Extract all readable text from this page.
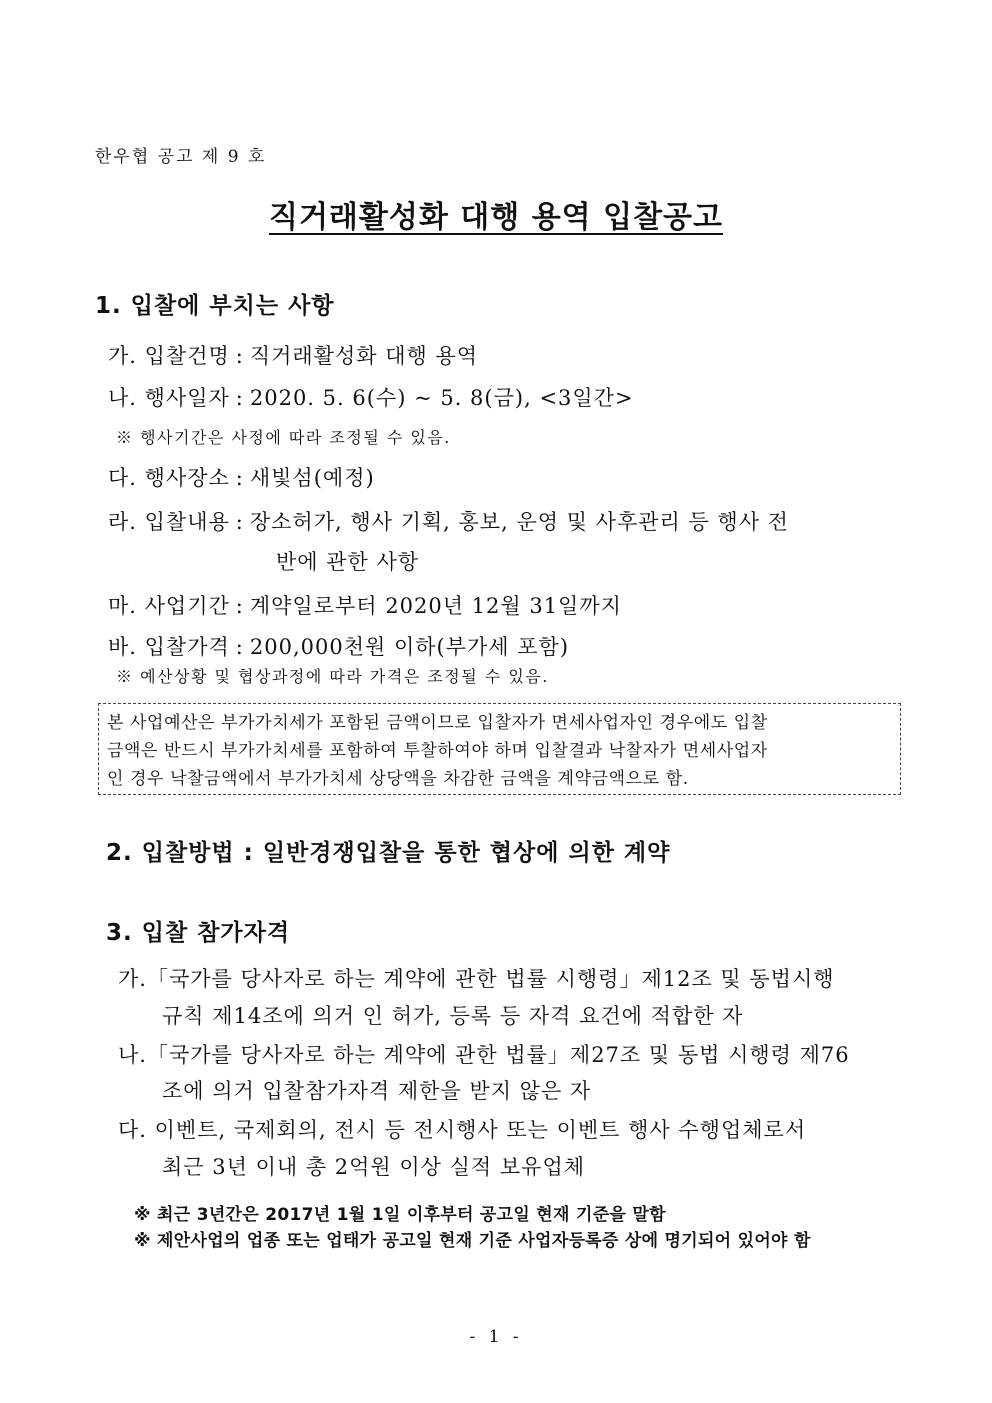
한우협 공고 제 9 호
직거래활성화 대행 용역 입찰공고
1. 입찰에 부치는 사항
가. 입찰건명 : 직거래활성화 대행 용역
나. 행사일자 : 2020. 5. 6(수) ~ 5. 8(금), <3일간>
※ 행사기간은 사정에 따라 조정될 수 있음.
다. 행사장소 : 새빛섬(예정)
라. 입찰내용 : 장소허가, 행사 기획, 홍보, 운영 및 사후관리 등 행사 전
반에 관한 사항
마. 사업기간 : 계약일로부터 2020년 12월 31일까지
바. 입찰가격 : 200,000천원 이하(부가세 포함)
※ 예산상황 및 협상과정에 따라 가격은 조정될 수 있음.
본 사업예산은 부가가치세가 포함된 금액이므로 입찰자가 면세사업자인 경우에도 입찰
금액은 반드시 부가가치세를 포함하여 투찰하여야 하며 입찰결과 낙찰자가 면세사업자
인 경우 낙찰금액에서 부가가치세 상당액을 차감한 금액을 계약금액으로 함.
2. 입찰방법 : 일반경쟁입찰을 통한 협상에 의한 계약
3. 입찰 참가자격
가.「국가를 당사자로 하는 계약에 관한 법률 시행령」제12조 및 동법시행
규칙 제14조에 의거 인 허가, 등록 등 자격 요건에 적합한 자
나.「국가를 당사자로 하는 계약에 관한 법률」제27조 및 동법 시행령 제76
조에 의거 입찰참가자격 제한을 받지 않은 자
다. 이벤트, 국제회의, 전시 등 전시행사 또는 이벤트 행사 수행업체로서
최근 3년 이내 총 2억원 이상 실적 보유업체
※ 최근 3년간은 2017년 1월 1일 이후부터 공고일 현재 기준을 말함
※ 제안사업의 업종 또는 업태가 공고일 현재 기준 사업자등록증 상에 명기되어 있어야 함
- 1 -
